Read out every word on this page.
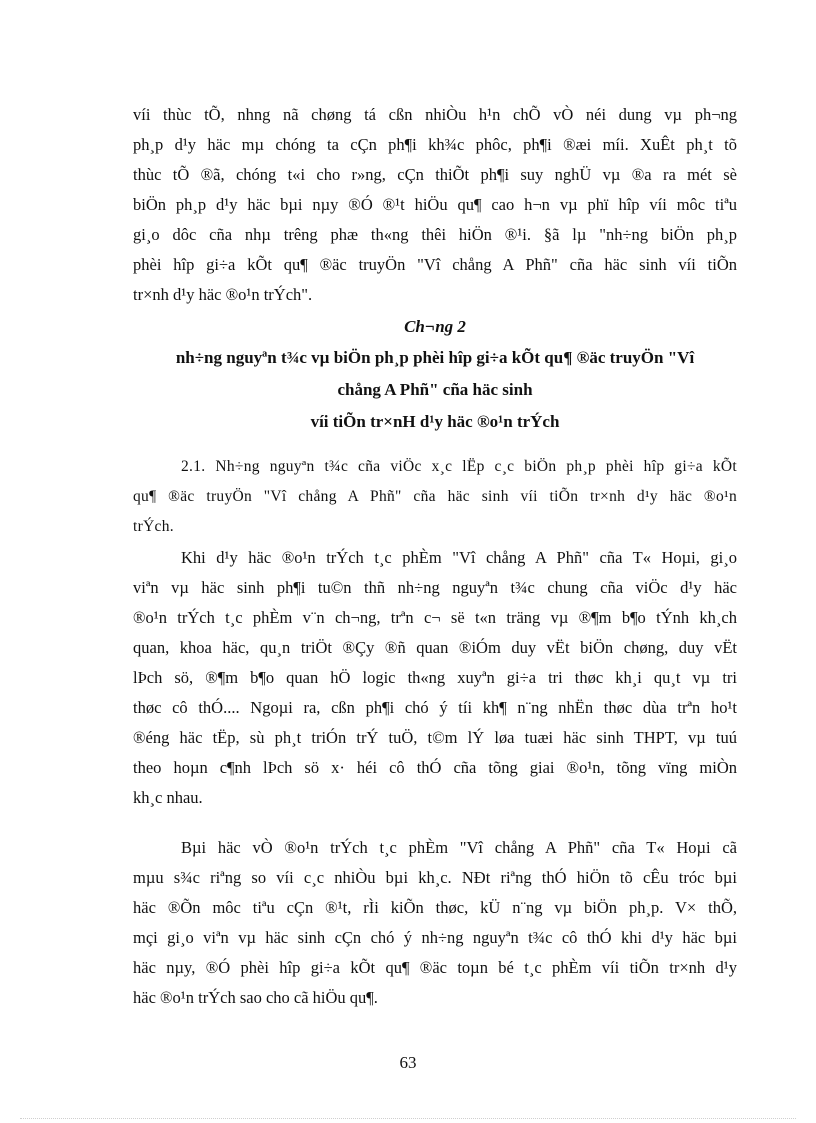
víi thùc tÕ, nhng nã chøng tá cßn nhiÒu h¹n chÕ vÒ néi dung vµ ph¬ng
ph¸p d¹y häc mµ chóng ta cÇn ph¶i kh¾c phôc, ph¶i ®æi míi. XuÊt ph¸t tõ
thùc tÕ ®ã, chóng t«i cho r»ng, cÇn thiÕt ph¶i suy nghÜ vµ ®a ra mét sè
biÖn ph¸p d¹y häc bµi nµy ®Ó ®¹t hiÖu qu¶ cao h¬n vµ phï hîp víi môc tiªu
gi¸o dôc cña nhµ trêng phæ th«ng thêi hiÖn ®¹i. §ã lµ "nh÷ng biÖn ph¸p
phèi hîp gi÷a kÕt qu¶ ®äc truyÖn "Vî chång A Phñ" cña häc sinh víi tiÕn
tr×nh d¹y häc ®o¹n trÝch".
Ch¬ng 2
nh÷ng nguyªn t¾c vµ biÖn ph¸p phèi hîp gi÷a kÕt qu¶ ®äc truyÖn "Vî
chång A Phñ" cña häc sinh
víi tiÕn tr×nH d¹y häc ®o¹n trÝch
2.1. Nh÷ng nguyªn t¾c cña viÖc x¸c lËp c¸c biÖn ph¸p phèi hîp gi÷a kÕt
qu¶ ®äc truyÖn "Vî chång A Phñ" cña häc sinh víi tiÕn tr×nh d¹y häc ®o¹n
trÝch.
Khi d¹y häc ®o¹n trÝch t¸c phÈm "Vî chång A Phñ" cña T« Hoµi, gi¸o
viªn vµ häc sinh ph¶i tu©n thñ nh÷ng nguyªn t¾c chung cña viÖc d¹y häc
®o¹n trÝch t¸c phÈm v¨n ch¬ng, trªn c¬ së t«n träng vµ ®¶m b¶o tÝnh kh¸ch
quan, khoa häc, qu¸n triÖt ®Çy ®ñ quan ®iÓm duy vËt biÖn chøng, duy vËt
lÞch sö, ®¶m b¶o quan hÖ logic th«ng xuyªn gi÷a tri thøc kh¸i qu¸t vµ tri
thøc cô thÓ.... Ngoµi ra, cßn ph¶i chó ý tíi kh¶ n¨ng nhËn thøc dùa trªn ho¹t
®éng häc tËp, sù ph¸t triÓn trÝ tuÖ, t©m lÝ løa tuæi häc sinh THPT, vµ tuú
theo hoµn c¶nh lÞch sö x· héi cô thÓ cña tõng giai ®o¹n, tõng vïng miÒn
kh¸c nhau.
Bµi häc vÒ ®o¹n trÝch t¸c phÈm "Vî chång A Phñ" cña T« Hoµi cã
mµu s¾c riªng so víi c¸c nhiÒu bµi kh¸c. NÐt riªng thÓ hiÖn tõ cÊu tróc bµi
häc ®Õn môc tiªu cÇn ®¹t, rÌi kiÕn thøc, kÜ n¨ng vµ biÖn ph¸p. V× thÕ,
mçi gi¸o viªn vµ häc sinh cÇn chó ý nh÷ng nguyªn t¾c cô thÓ khi d¹y häc bµi
häc nµy, ®Ó phèi hîp gi÷a kÕt qu¶ ®äc toµn bé t¸c phÈm víi tiÕn tr×nh d¹y
häc ®o¹n trÝch sao cho cã hiÖu qu¶.
63
